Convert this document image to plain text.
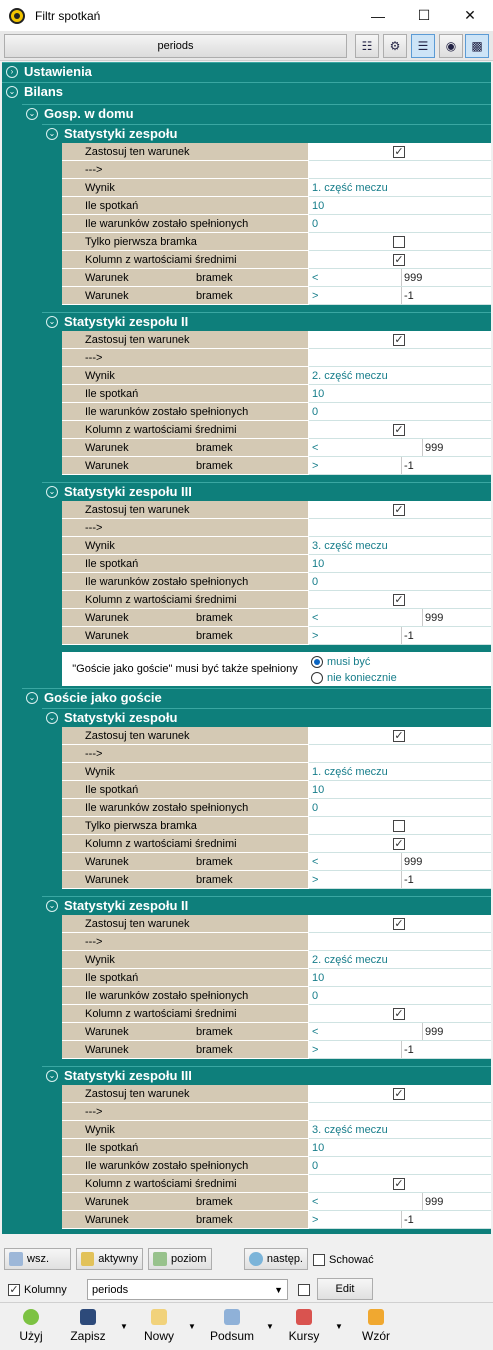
Filtr spotkań	—	☐	✕
periods	☷	⚙	☰	◉	▩
› Ustawienia
⌄ Bilans
⌄ Gosp. w domu
⌄ Goście jako goście
⌄ Statystyki zespołu
Zastosuj ten warunek	✓
--->
Wynik	1. część meczu
Ile spotkań	10
Ile warunków zostało spełnionych	0
Tylko pierwsza bramka
Kolumn z wartościami średnimi	✓
Warunek	bramek	<	999
Warunek	bramek	>	-1
⌄ Statystyki zespołu II
Zastosuj ten warunek	✓
--->
Wynik	2. część meczu
Ile spotkań	10
Ile warunków zostało spełnionych	0
Kolumn z wartościami średnimi	✓
Warunek	bramek	<	999
Warunek	bramek	>	-1
⌄ Statystyki zespołu III
Zastosuj ten warunek	✓
--->
Wynik	3. część meczu
Ile spotkań	10
Ile warunków zostało spełnionych	0
Kolumn z wartościami średnimi	✓
Warunek	bramek	<	999
Warunek	bramek	>	-1
⌄ Statystyki zespołu
Zastosuj ten warunek	✓
--->
Wynik	1. część meczu
Ile spotkań	10
Ile warunków zostało spełnionych	0
Tylko pierwsza bramka
Kolumn z wartościami średnimi	✓
Warunek	bramek	<	999
Warunek	bramek	>	-1
⌄ Statystyki zespołu II
Zastosuj ten warunek	✓
--->
Wynik	2. część meczu
Ile spotkań	10
Ile warunków zostało spełnionych	0
Kolumn z wartościami średnimi	✓
Warunek	bramek	<	999
Warunek	bramek	>	-1
⌄ Statystyki zespołu III
Zastosuj ten warunek	✓
--->
Wynik	3. część meczu
Ile spotkań	10
Ile warunków zostało spełnionych	0
Kolumn z wartościami średnimi	✓
Warunek	bramek	<	999
Warunek	bramek	>	-1
"Goście jako goście" musi być także spełniony
musi być
nie koniecznie
wsz.	aktywny	poziom	następ. Schować
✓ Kolumny	Edit
periods	▼
Użyj Zapisz
▼
Nowy
▼
Podsum
▼
Kursy
▼
Wzór
